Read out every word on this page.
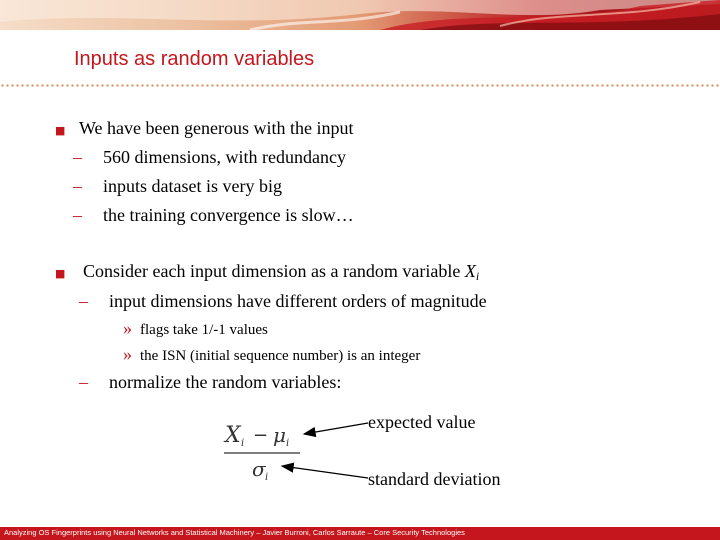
Inputs as random variables
■ We have been generous with the input
– 560 dimensions, with redundancy
– inputs dataset is very big
– the training convergence is slow…
■ Consider each input dimension as a random variable $X_i$
– input dimensions have different orders of magnitude
» flags take 1/-1 values
» the ISN (initial sequence number) is an integer
– normalize the random variables:
X i − μ i
σ i
expected value
standard deviation
Analyzing OS Fingerprints using Neural Networks and Statistical Machinery – Javier Burroni, Carlos Sarraute – Core Security Technologies
